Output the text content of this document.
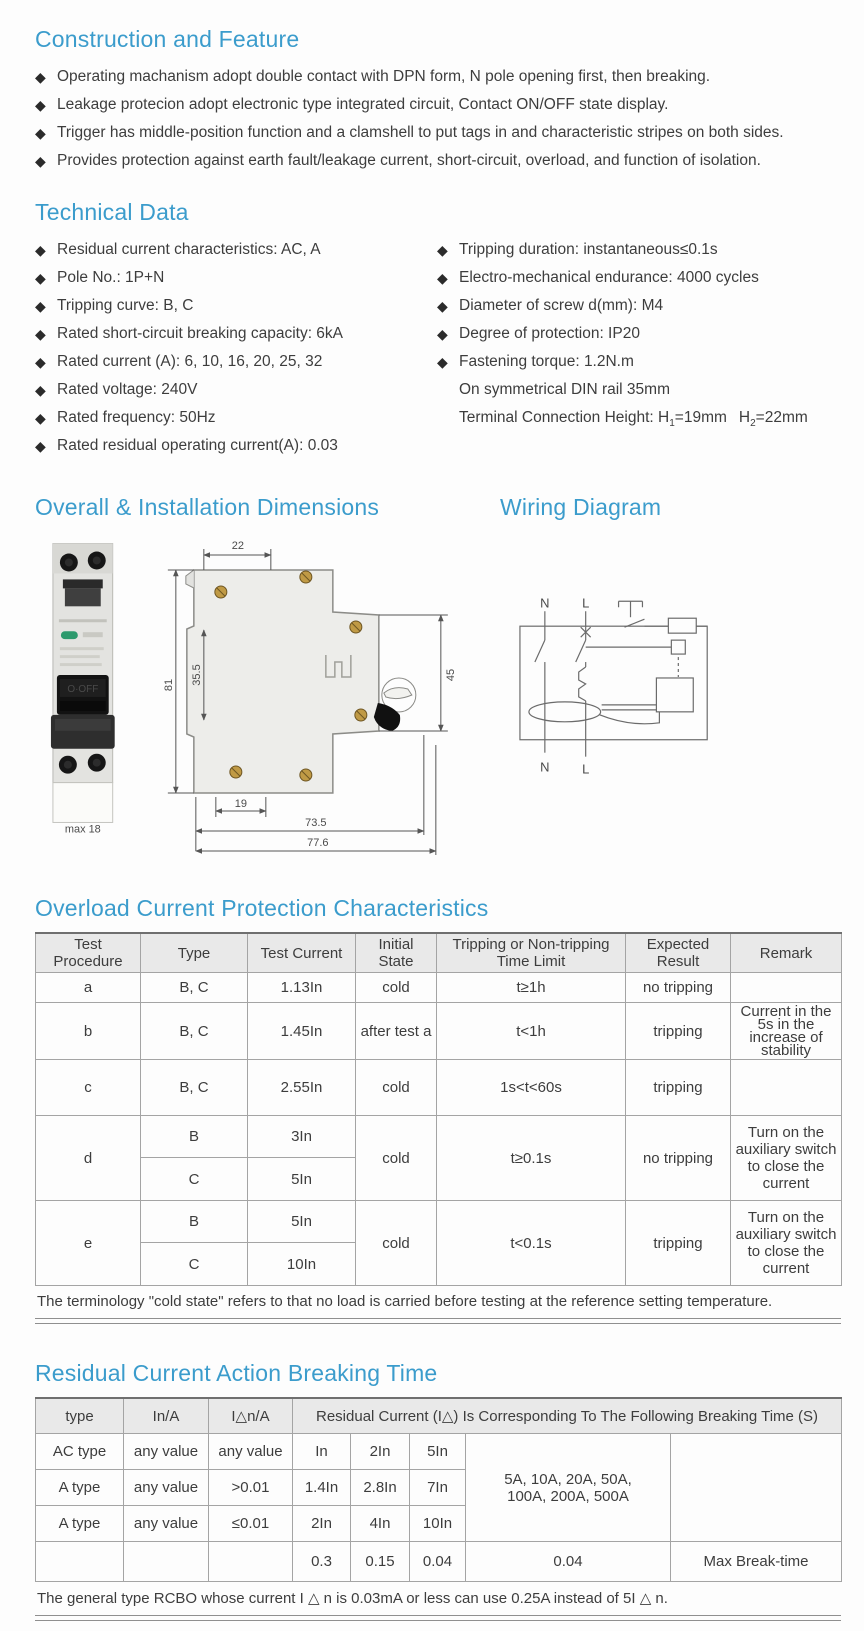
Construction and Feature
◆
Operating machanism adopt double contact with DPN form, N pole opening first, then breaking.
◆
Leakage protecion adopt electronic type integrated circuit, Contact ON/OFF state display.
◆
Trigger has middle-position function and a clamshell to put tags in and characteristic stripes on both sides.
◆
Provides protection against earth fault/leakage current, short-circuit, overload, and function of isolation.
Technical Data
◆
Residual current characteristics: AC, A
◆
Pole No.: 1P+N
◆
Tripping curve: B, C
◆
Rated short-circuit breaking capacity: 6kA
◆
Rated current (A): 6, 10, 16, 20, 25, 32
◆
Rated voltage: 240V
◆
Rated frequency: 50Hz
◆
Rated residual operating current(A): 0.03
◆
Tripping duration: instantaneous≤0.1s
◆
Electro-mechanical endurance: 4000 cycles
◆
Diameter of screw d(mm): M4
◆
Degree of protection: IP20
◆
Fastening torque: 1.2N.m
On symmetrical DIN rail 35mm
Terminal Connection Height: $H_1=19mm$ $H_2=22mm$
Overall & Installation Dimensions	Wiring Diagram
O·OFF
max 18
22
81 35.5	45
19
73.5
77.6
N	L
N	L
Overload Current Protection Characteristics
Test Procedure	Type	Test Current	Initial State	Tripping or Non-tripping Time Limit	Expected Result	Remark
a	B, C	1.13In	cold	t≥1h	no tripping	
b	B, C	1.45In	after test a	t<1h	tripping	Current in the 5s in the increase of stability
c	B, C	2.55In	cold	1s<t<60s	tripping	
d	B	3In	cold	t≥0.1s	no tripping	Turn on the auxiliary switch to close the current
	C	5In				
e	B	5In	cold	t<0.1s	tripping	Turn on the auxiliary switch to close the current
	C	10In				
The terminology "cold state" refers to that no load is carried before testing at the reference setting temperature.
Residual Current Action Breaking Time
type	In/A	I△n/A	Residual Current (I△) Is Corresponding To The Following Breaking Time (S)				
AC type	any value	any value	In	2In	5In	5A, 10A, 20A, 50A,
100A, 200A, 500A	

A type	any value	>0.01	1.4In	2.8In	7In		
A type	any value	≤0.01	2In	4In	10In		
			0.3	0.15	0.04	0.04	Max Break-time
The general type RCBO whose current I △ n is 0.03mA or less can use 0.25A instead of 5I △ n.
